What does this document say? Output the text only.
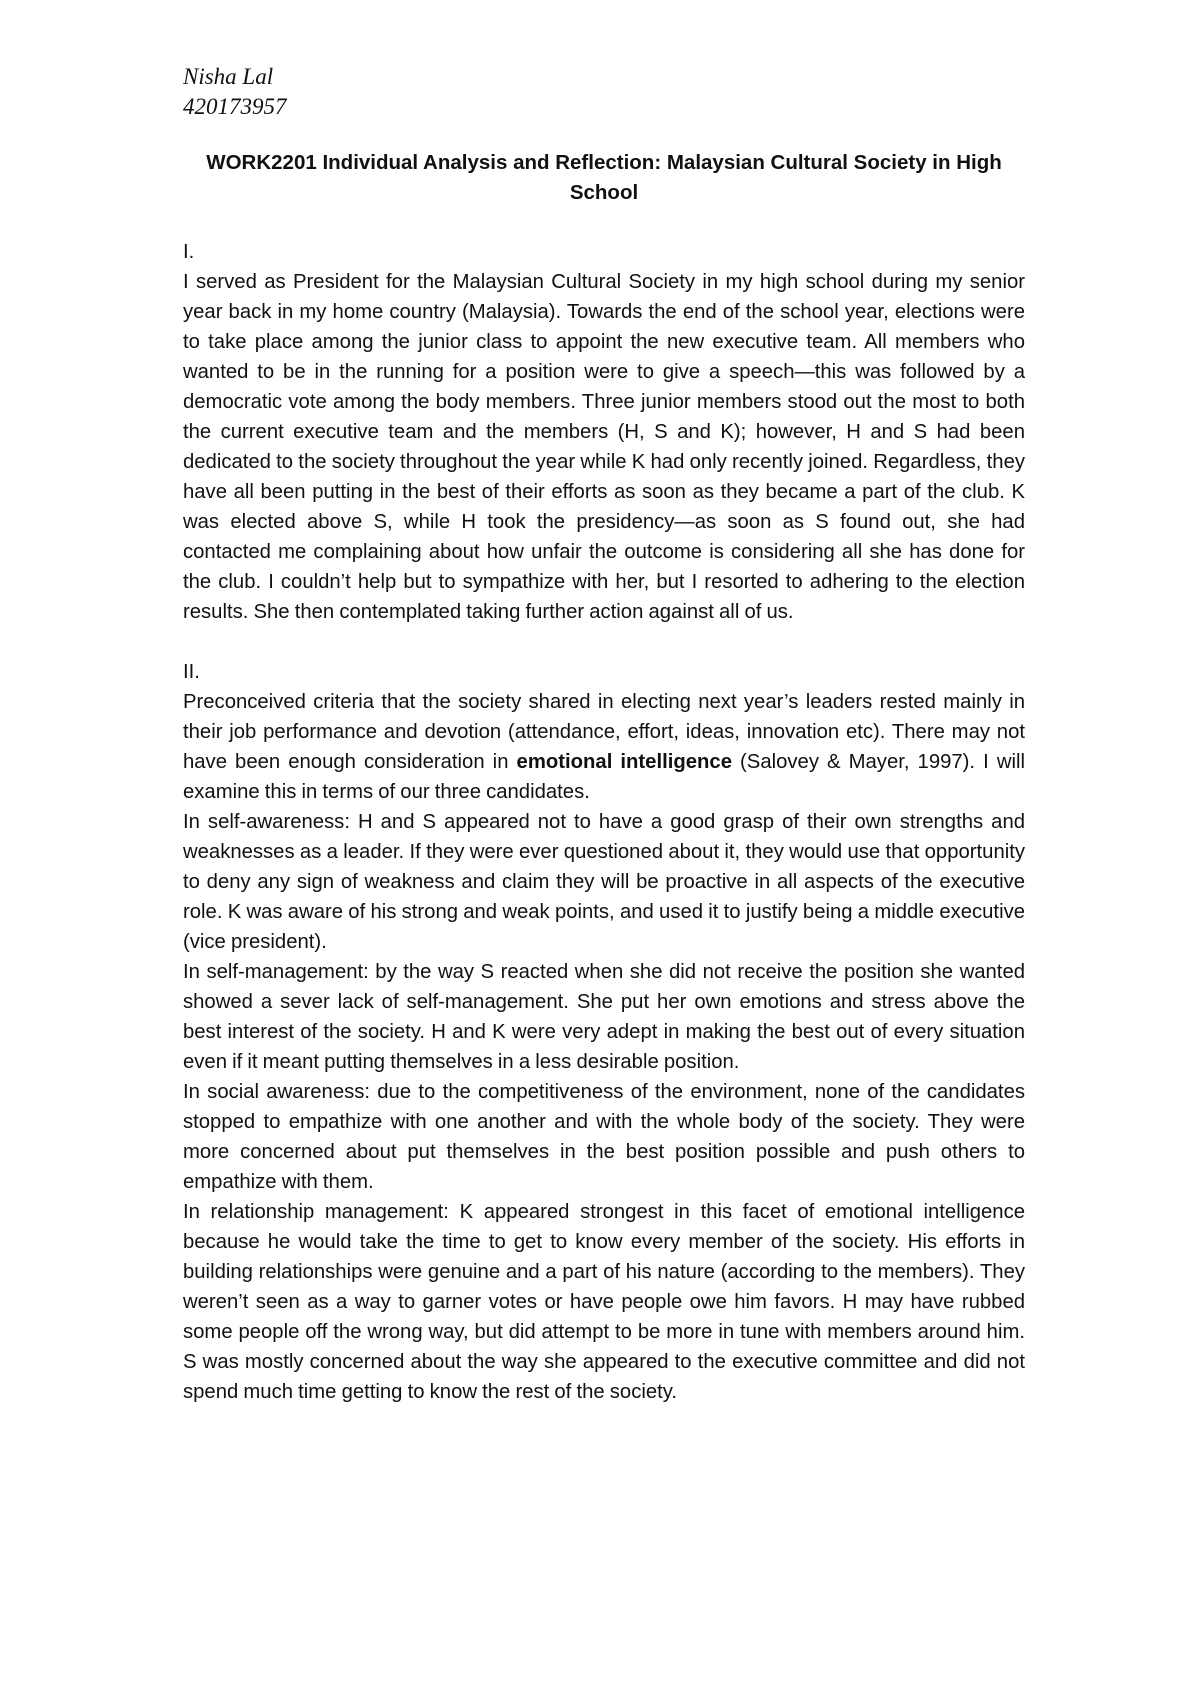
Nisha Lal
420173957
WORK2201 Individual Analysis and Reflection: Malaysian Cultural Society in High School
I.
I served as President for the Malaysian Cultural Society in my high school during my senior year back in my home country (Malaysia). Towards the end of the school year, elections were to take place among the junior class to appoint the new executive team. All members who wanted to be in the running for a position were to give a speech—this was followed by a democratic vote among the body members. Three junior members stood out the most to both the current executive team and the members (H, S and K); however, H and S had been dedicated to the society throughout the year while K had only recently joined. Regardless, they have all been putting in the best of their efforts as soon as they became a part of the club. K was elected above S, while H took the presidency—as soon as S found out, she had contacted me complaining about how unfair the outcome is considering all she has done for the club. I couldn’t help but to sympathize with her, but I resorted to adhering to the election results. She then contemplated taking further action against all of us.
II.
Preconceived criteria that the society shared in electing next year’s leaders rested mainly in their job performance and devotion (attendance, effort, ideas, innovation etc). There may not have been enough consideration in emotional intelligence (Salovey & Mayer, 1997). I will examine this in terms of our three candidates.
In self-awareness: H and S appeared not to have a good grasp of their own strengths and weaknesses as a leader. If they were ever questioned about it, they would use that opportunity to deny any sign of weakness and claim they will be proactive in all aspects of the executive role. K was aware of his strong and weak points, and used it to justify being a middle executive (vice president).
In self-management: by the way S reacted when she did not receive the position she wanted showed a sever lack of self-management. She put her own emotions and stress above the best interest of the society. H and K were very adept in making the best out of every situation even if it meant putting themselves in a less desirable position.
In social awareness: due to the competitiveness of the environment, none of the candidates stopped to empathize with one another and with the whole body of the society. They were more concerned about put themselves in the best position possible and push others to empathize with them.
In relationship management: K appeared strongest in this facet of emotional intelligence because he would take the time to get to know every member of the society. His efforts in building relationships were genuine and a part of his nature (according to the members). They weren’t seen as a way to garner votes or have people owe him favors. H may have rubbed some people off the wrong way, but did attempt to be more in tune with members around him. S was mostly concerned about the way she appeared to the executive committee and did not spend much time getting to know the rest of the society.
